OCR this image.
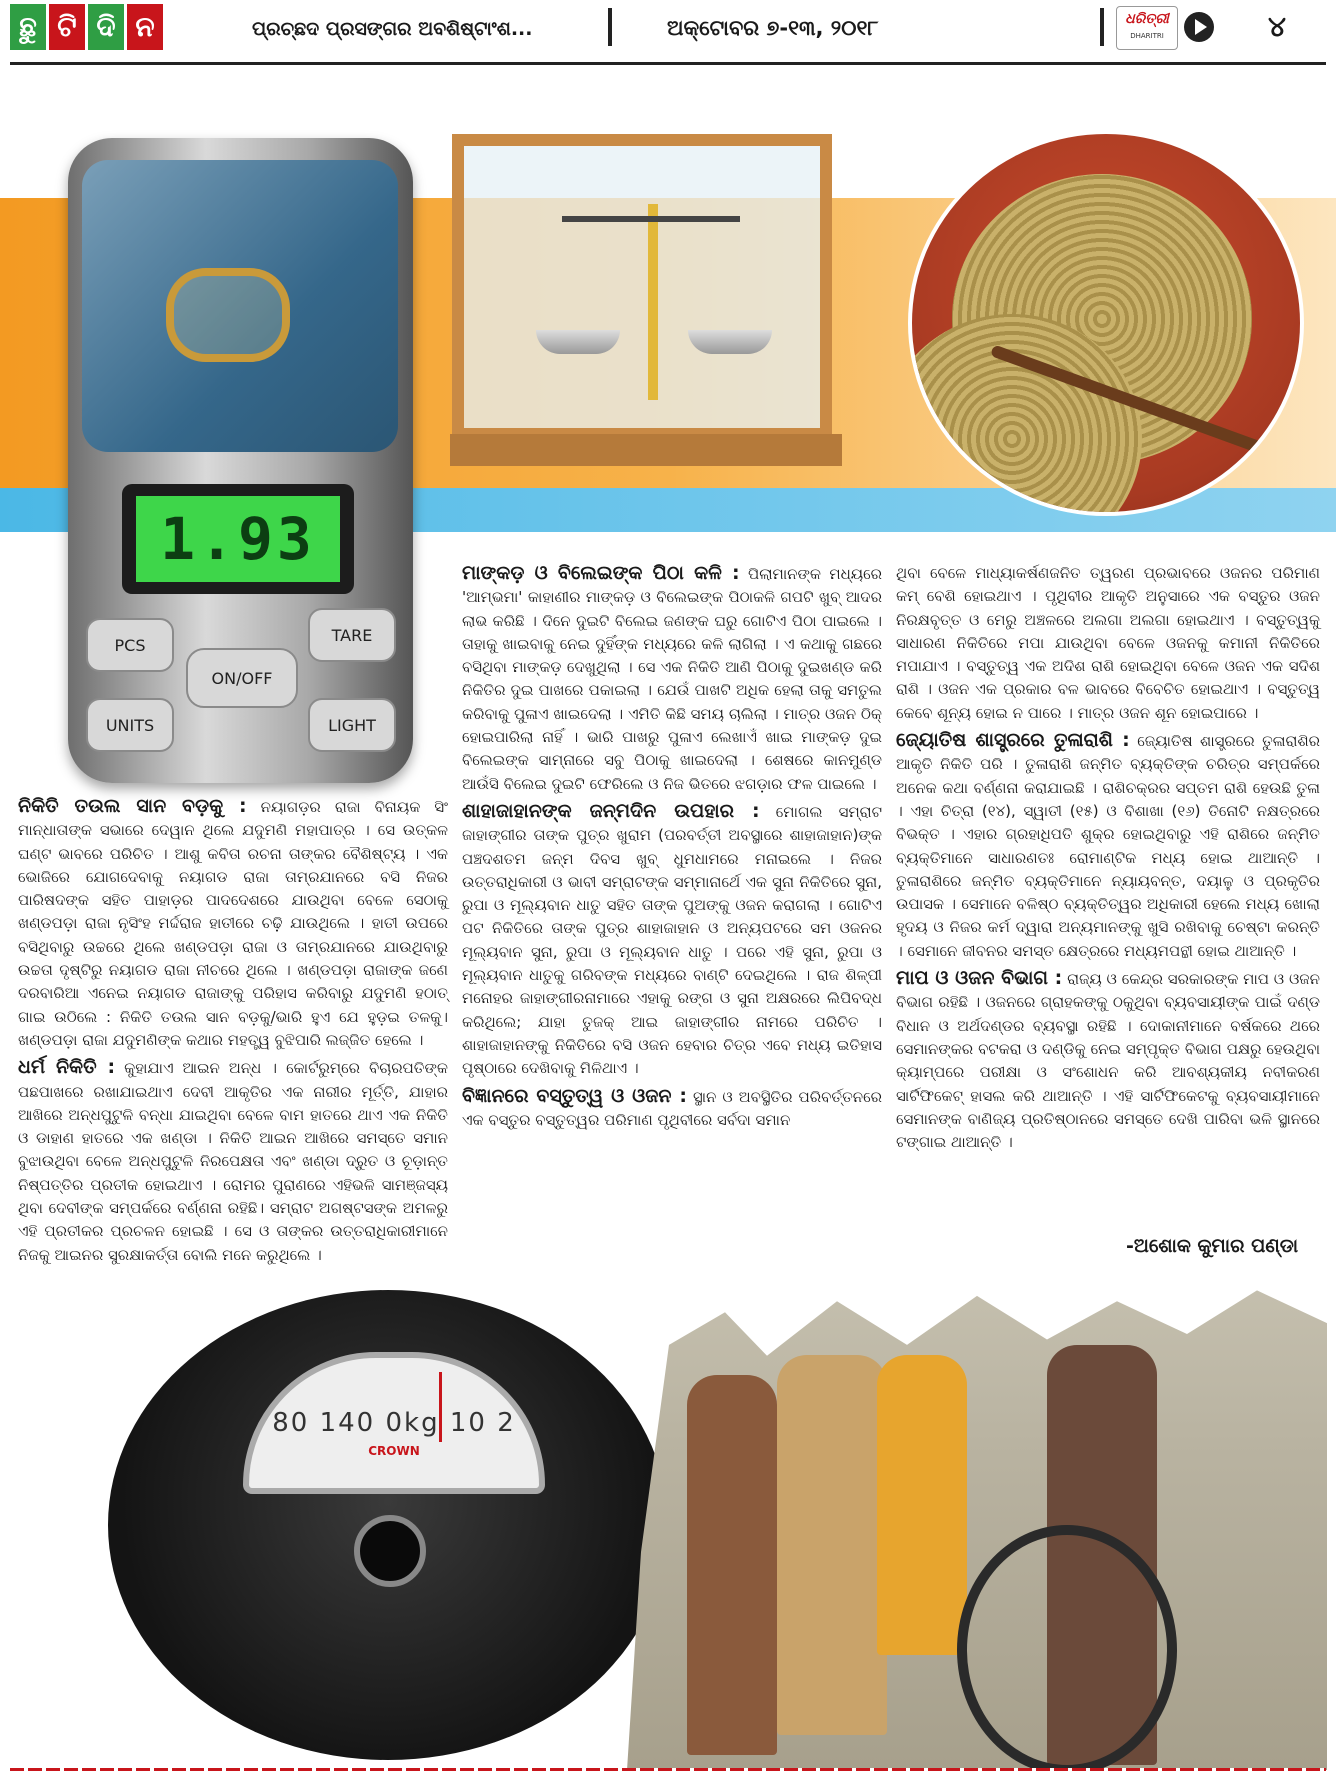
ଛୁ ଟି ଦି ନ	ପ୍ରଚ୍ଛଦ ପ୍ରସଙ୍ଗର ଅବଶିଷ୍ଟାଂଶ...	ଅକ୍ଟୋବର ୭-୧୩, ୨୦୧୮	ଧରିତ୍ରୀ
DHARITRI	୪
1.93
PCS
TARE
ON/OFF
UNITS	LIGHT

ନିକିତି ତଉଲ ସାନ ବଡ଼କୁ : ନୟାଗଡ଼ର ରାଜା ବିନାୟକ ସିଂ ମାନ୍ଧାତାଙ୍କ ସଭାରେ ଦେୱାନ ଥିଲେ ଯଦୁମଣି ମହାପାତ୍ର । ସେ ଉତ୍କଳ ଘଣ୍ଟ ଭାବରେ ପରିଚିତ । ଆଶୁ କବିତା ରଚନା ତାଙ୍କର ବୈଶିଷ୍ଟ୍ୟ । ଏକ ଭୋଜିରେ ଯୋଗଦେବାକୁ ନୟାଗଡ ରାଜା ତାମ୍ରଯାନରେ ବସି ନିଜର ପାରିଷଦଙ୍କ ସହିତ ପାହାଡ଼ର ପାଦଦେଶରେ ଯାଉଥିବା ବେଳେ ସେଠାକୁ ଖଣ୍ଡପଡ଼ା ରାଜା ନୃସିଂହ ମର୍ଦ୍ଦରାଜ ହାତୀରେ ଚଢ଼ି ଯାଉଥିଲେ । ହାତୀ ଉପରେ ବସିଥିବାରୁ ଉଚ୍ଚରେ ଥିଲେ ଖଣ୍ଡପଡ଼ା ରାଜା ଓ ତାମ୍ରଯାନରେ ଯାଉଥିବାରୁ ଉଚ୍ଚତା ଦୃଷ୍ଟିରୁ ନୟାଗଡ ରାଜା ନୀଚରେ ଥିଲେ । ଖଣ୍ଡପଡ଼ା ରାଜାଙ୍କ ଜଣେ ଦରବାରିଆ ଏନେଇ ନୟାଗଡ ରାଜାଙ୍କୁ ପରିହାସ କରିବାରୁ ଯଦୁମଣି ହଠାତ୍ ଗାଇ ଉଠିଲେ : ନିକିତି ତଉଲ ସାନ ବଡ଼କୁ/ଭାରି ହୁଏ ଯେ ହୁଡ଼ଇ ତଳକୁ। ଖଣ୍ଡପଡ଼ା ରାଜା ଯଦୁମଣିଙ୍କ କଥାର ମହତ୍ତ୍ୱ ବୁଝିପାରି ଲଜ୍ଜିତ ହେଲେ ।

ଧର୍ମ ନିକିତି : କୁହାଯାଏ ଆଇନ ଅନ୍ଧ । କୋର୍ଟରୁମ୍‌ରେ ବିଚାରପତିଙ୍କ ପଛପାଖରେ ରଖାଯାଇଥାଏ ଦେବୀ ଆକୃତିର ଏକ ନାରୀର ମୂର୍ତ୍ତି, ଯାହାର ଆଖିରେ ଅନ୍ଧପୁଟୁଳି ବନ୍ଧା ଯାଇଥିବା ବେଳେ ବାମ ହାତରେ ଥାଏ ଏକ ନିକିତି ଓ ଡାହାଣ ହାତରେ ଏକ ଖଣ୍ଡା । ନିକିତି ଆଇନ ଆଖିରେ ସମସ୍ତେ ସମାନ ବୁଝାଉଥିବା ବେଳେ ଅନ୍ଧପୁଟୁଳି ନିରପେକ୍ଷତା ଏବଂ ଖଣ୍ଡା ଦ୍ରୁତ ଓ ଚୂଡ଼ାନ୍ତ ନିଷ୍ପତ୍ତିର ପ୍ରତୀକ ହୋଇଥାଏ । ରୋମର ପୁରାଣରେ ଏହିଭଳି ସାମଞ୍ଜସ୍ୟ ଥିବା ଦେବୀଙ୍କ ସମ୍ପର୍କରେ ବର୍ଣ୍ଣନା ରହିଛି। ସମ୍ରାଟ ଅଗଷ୍ଟସଙ୍କ ଅମଳରୁ ଏହି ପ୍ରତୀକର ପ୍ରଚଳନ ହୋଇଛି । ସେ ଓ ତାଙ୍କର ଉତ୍ତରାଧିକାରୀମାନେ ନିଜକୁ ଆଇନର ସୁରକ୍ଷାକର୍ତ୍ତା ବୋଲି ମନେ କରୁଥିଲେ ।

ମାଙ୍କଡ଼ ଓ ବିଲେଇଙ୍କ ପିଠା କଳି : ପିଲାମାନଙ୍କ ମଧ୍ୟରେ 'ଆମ୍ଭମା' କାହାଣୀର ମାଙ୍କଡ଼ ଓ ବିଲେଇଙ୍କ ପିଠାକଳି ଗପଟି ଖୁବ୍ ଆଦର ଲାଭ କରିଛି । ଦିନେ ଦୁଇଟି ବିଲେଇ ଜଣଙ୍କ ଘରୁ ଗୋଟିଏ ପିଠା ପାଇଲେ । ତାହାକୁ ଖାଇବାକୁ ନେଇ ଦୁହିଁଙ୍କ ମଧ୍ୟରେ କଳି ଲାଗିଲା । ଏ କଥାକୁ ଗଛରେ ବସିଥିବା ମାଙ୍କଡ଼ ଦେଖୁଥିଲା । ସେ ଏକ ନିକିତି ଆଣି ପିଠାକୁ ଦୁଇଖଣ୍ଡ କରି ନିକିତିର ଦୁଇ ପାଖରେ ପକାଇଲା । ଯେଉଁ ପାଖଟି ଅଧିକ ହେଲା ତାକୁ ସମତୁଲ କରିବାକୁ ପୁଳାଏ ଖାଇଦେଲା । ଏମିତି କିଛି ସମୟ ଚାଲିଲା । ମାତ୍ର ଓଜନ ଠିକ୍ ହୋଇପାରିଲା ନାହିଁ । ଭାରି ପାଖରୁ ପୁଳାଏ ଲେଖାଏଁ ଖାଇ ମାଙ୍କଡ଼ ଦୁଇ ବିଲେଇଙ୍କ ସାମ୍ନାରେ ସବୁ ପିଠାକୁ ଖାଇଦେଲା । ଶେଷରେ କାନମୁଣ୍ଡ ଆଉଁସି ବିଲେଇ ଦୁଇଟି ଫେରିଲେ ଓ ନିଜ ଭିତରେ ଝଗଡ଼ାର ଫଳ ପାଇଲେ ।

ଶାହାଜାହାନଙ୍କ ଜନ୍ମଦିନ ଉପହାର : ମୋଗଲ ସମ୍ରାଟ ଜାହାଙ୍ଗୀର ତାଙ୍କ ପୁତ୍ର ଖୁରାମ (ପରବର୍ତ୍ତୀ ଅବସ୍ଥାରେ ଶାହାଜାହାନ)ଙ୍କ ପଞ୍ଚଦଶତମ ଜନ୍ମ ଦିବସ ଖୁବ୍ ଧୁମଧାମରେ ମନାଇଲେ । ନିଜର ଉତ୍ତରାଧିକାରୀ ଓ ଭାବୀ ସମ୍ରାଟଙ୍କ ସମ୍ମାନାର୍ଥେ ଏକ ସୁନା ନିକିତିରେ ସୁନା, ରୁପା ଓ ମୂଲ୍ୟବାନ ଧାତୁ ସହିତ ତାଙ୍କ ପୁଅଙ୍କୁ ଓଜନ କରାଗଲା । ଗୋଟିଏ ପଟ ନିକିତିରେ ତାଙ୍କ ପୁତ୍ର ଶାହାଜାହାନ ଓ ଅନ୍ୟପଟରେ ସମ ଓଜନର ମୂଲ୍ୟବାନ ସୁନା, ରୁପା ଓ ମୂଲ୍ୟବାନ ଧାତୁ । ପରେ ଏହି ସୁନା, ରୁପା ଓ ମୂଲ୍ୟବାନ ଧାତୁକୁ ଗରିବଙ୍କ ମଧ୍ୟରେ ବାଣ୍ଟି ଦେଇଥିଲେ । ରାଜ ଶିଳ୍ପୀ ମନୋହର ଜାହାଙ୍ଗୀରନାମାରେ ଏହାକୁ ରଙ୍ଗ ଓ ସୁନା ଅକ୍ଷରରେ ଲିପିବଦ୍ଧ କରିଥିଲେ; ଯାହା ତୁଜକ୍ ଆଇ ଜାହାଙ୍ଗୀର ନାମରେ ପରିଚିତ । ଶାହାଜାହାନଙ୍କୁ ନିକିତିରେ ବସି ଓଜନ ହେବାର ଚିତ୍ର ଏବେ ମଧ୍ୟ ଇତିହାସ ପୃଷ୍ଠାରେ ଦେଖିବାକୁ ମିଳିଥାଏ ।

ବିଜ୍ଞାନରେ ବସ୍ତୁତ୍ୱ ଓ ଓଜନ : ସ୍ଥାନ ଓ ଅବସ୍ଥିତିର ପରିବର୍ତ୍ତନରେ ଏକ ବସ୍ତୁର ବସ୍ତୁତ୍ୱର ପରିମାଣ ପୃଥିବୀରେ ସର୍ବଦା ସମାନ

ଥିବା ବେଳେ ମାଧ୍ୟାକର୍ଷଣଜନିତ ତ୍ୱରଣ ପ୍ରଭାବରେ ଓଜନର ପରିମାଣ କମ୍ ବେଶି ହୋଇଥାଏ । ପୃଥିବୀର ଆକୃତି ଅନୁସାରେ ଏକ ବସ୍ତୁର ଓଜନ ନିରକ୍ଷବୃତ୍ତ ଓ ମେରୁ ଅଞ୍ଚଳରେ ଅଲଗା ଅଲଗା ହୋଇଥାଏ । ବସ୍ତୁତ୍ୱକୁ ସାଧାରଣ ନିକିତିରେ ମପା ଯାଉଥିବା ବେଳେ ଓଜନକୁ କମାନୀ ନିକିତିରେ ମପାଯାଏ । ବସ୍ତୁତ୍ୱ ଏକ ଅଦିଶ ରାଶି ହୋଇଥିବା ବେଳେ ଓଜନ ଏକ ସଦିଶ ରାଶି । ଓଜନ ଏକ ପ୍ରକାର ବଳ ଭାବରେ ବିବେଚିତ ହୋଇଥାଏ । ବସ୍ତୁତ୍ୱ କେବେ ଶୂନ୍ୟ ହୋଇ ନ ପାରେ । ମାତ୍ର ଓଜନ ଶୂନ ହୋଇପାରେ ।

ଜ୍ୟୋତିଷ ଶାସ୍ତ୍ରରେ ତୁଳାରାଶି : ଜ୍ୟୋତିଷ ଶାସ୍ତ୍ରରେ ତୁଳାରାଶିର ଆକୃତି ନିକିତି ପରି । ତୁଳାରାଶି ଜନ୍ମିତ ବ୍ୟକ୍ତିଙ୍କ ଚରିତ୍ର ସମ୍ପର୍କରେ ଅନେକ କଥା ବର୍ଣ୍ଣନା କରାଯାଇଛି । ରାଶିଚକ୍ରର ସପ୍ତମ ରାଶି ହେଉଛି ତୁଳା । ଏହା ଚିତ୍ରା (୧୪), ସ୍ୱାତୀ (୧୫) ଓ ବିଶାଖା (୧୬) ତିନୋଟି ନକ୍ଷତ୍ରରେ ବିଭକ୍ତ । ଏହାର ଗ୍ରହାଧିପତି ଶୁକ୍ର ହୋଇଥିବାରୁ ଏହି ରାଶିରେ ଜନ୍ମିତ ବ୍ୟକ୍ତିମାନେ ସାଧାରଣତଃ ରୋମାଣ୍ଟିକ ମଧ୍ୟ ହୋଇ ଥାଆନ୍ତି । ତୁଳାରାଶିରେ ଜନ୍ମିତ ବ୍ୟକ୍ତିମାନେ ନ୍ୟାୟବନ୍ତ, ଦୟାଳୁ ଓ ପ୍ରକୃତିର ଉପାସକ । ସେମାନେ ବଳିଷ୍ଠ ବ୍ୟକ୍ତିତ୍ୱର ଅଧିକାରୀ ହେଲେ ମଧ୍ୟ ଖୋଲା ହୃଦୟ ଓ ନିଜର କର୍ମ ଦ୍ୱାରା ଅନ୍ୟମାନଙ୍କୁ ଖୁସି ରଖିବାକୁ ଚେଷ୍ଟା କରନ୍ତି । ସେମାନେ ଜୀବନର ସମସ୍ତ କ୍ଷେତ୍ରରେ ମଧ୍ୟମପନ୍ଥୀ ହୋଇ ଥାଆନ୍ତି ।

ମାପ ଓ ଓଜନ ବିଭାଗ : ରାଜ୍ୟ ଓ କେନ୍ଦ୍ର ସରକାରଙ୍କ ମାପ ଓ ଓଜନ ବିଭାଗ ରହିଛି । ଓଜନରେ ଗ୍ରାହକଙ୍କୁ ଠକୁଥିବା ବ୍ୟବସାୟୀଙ୍କ ପାଇଁ ଦଣ୍ଡ ବିଧାନ ଓ ଅର୍ଥଦଣ୍ଡର ବ୍ୟବସ୍ଥା ରହିଛି । ଦୋକାନୀମାନେ ବର୍ଷକରେ ଥରେ ସେମାନଙ୍କର ବଟକରା ଓ ଦଣ୍ଡିକୁ ନେଇ ସମ୍ପୃକ୍ତ ବିଭାଗ ପକ୍ଷରୁ ହେଉଥିବା କ୍ୟାମ୍ପରେ ପରୀକ୍ଷା ଓ ସଂଶୋଧନ କରି ଆବଶ୍ୟକୀୟ ନବୀକରଣ ସାର୍ଟିଫିକେଟ୍ ହାସଲ କରି ଥାଆନ୍ତି । ଏହି ସାର୍ଟିଫିକେଟକୁ ବ୍ୟବସାୟୀମାନେ ସେମାନଙ୍କ ବାଣିଜ୍ୟ ପ୍ରତିଷ୍ଠାନରେ ସମସ୍ତେ ଦେଖି ପାରିବା ଭଳି ସ୍ଥାନରେ ଟଙ୍ଗାଇ ଥାଆନ୍ତି ।

-ଅଶୋକ କୁମାର ପଣ୍ଡା
80 140 0kg 10 2
CROWN
